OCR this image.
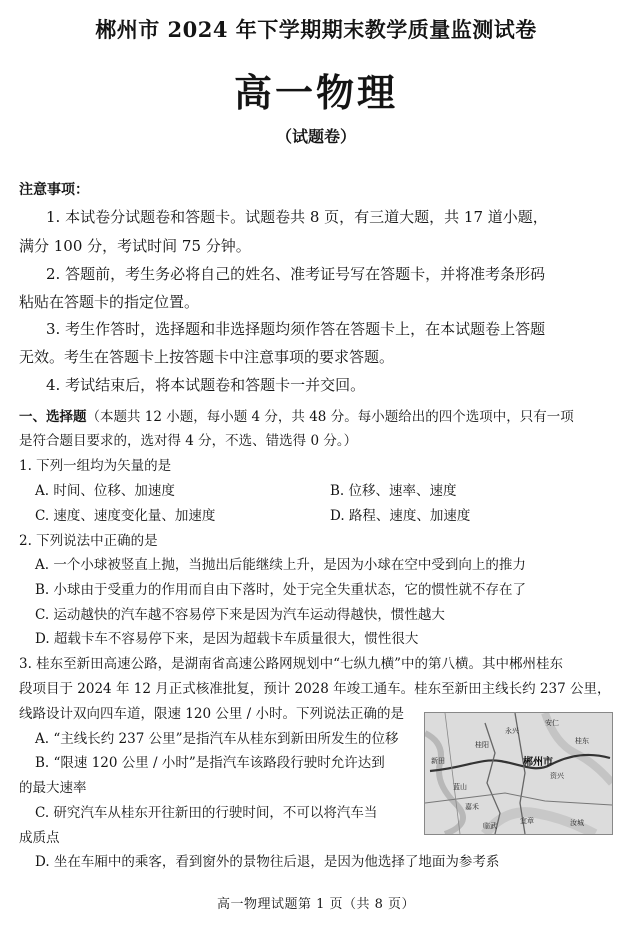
郴州市 2024 年下学期期末教学质量监测试卷
高一物理
（试题卷）
注意事项：
1. 本试卷分试题卷和答题卡。试题卷共 8 页，有三道大题，共 17 道小题，
满分 100 分，考试时间 75 分钟。
2. 答题前，考生务必将自己的姓名、准考证号写在答题卡，并将准考条形码
粘贴在答题卡的指定位置。
3. 考生作答时，选择题和非选择题均须作答在答题卡上，在本试题卷上答题
无效。考生在答题卡上按答题卡中注意事项的要求答题。
4. 考试结束后，将本试题卷和答题卡一并交回。
一、选择题（本题共 12 小题，每小题 4 分，共 48 分。每小题给出的四个选项中，只有一项
是符合题目要求的，选对得 4 分，不选、错选得 0 分。）
1. 下列一组均为矢量的是
A. 时间、位移、加速度	B. 位移、速率、速度
C. 速度、速度变化量、加速度	D. 路程、速度、加速度
2. 下列说法中正确的是
A. 一个小球被竖直上抛，当抛出后能继续上升，是因为小球在空中受到向上的推力
B. 小球由于受重力的作用而自由下落时，处于完全失重状态，它的惯性就不存在了
C. 运动越快的汽车越不容易停下来是因为汽车运动得越快，惯性越大
D. 超载卡车不容易停下来，是因为超载卡车质量很大，惯性很大
3. 桂东至新田高速公路，是湖南省高速公路网规划中“七纵九横”中的第八横。其中郴州桂东
段项目于 2024 年 12 月正式核准批复，预计 2028 年竣工通车。桂东至新田主线长约 237 公里，
线路设计双向四车道，限速 120 公里 / 小时。下列说法正确的是
A. “主线长约 237 公里”是指汽车从桂东到新田所发生的位移
B. “限速 120 公里 / 小时”是指汽车该路段行驶时允许达到
的最大速率
C. 研究汽车从桂东开往新田的行驶时间，不可以将汽车当
成质点
D. 坐在车厢中的乘客，看到窗外的景物往后退，是因为他选择了地面为参考系
郴州市
桂东
蓝山
汝城
宜章
嘉禾
新田
资兴
永兴
安仁
桂阳
临武
高一物理试题第 1 页（共 8 页）
